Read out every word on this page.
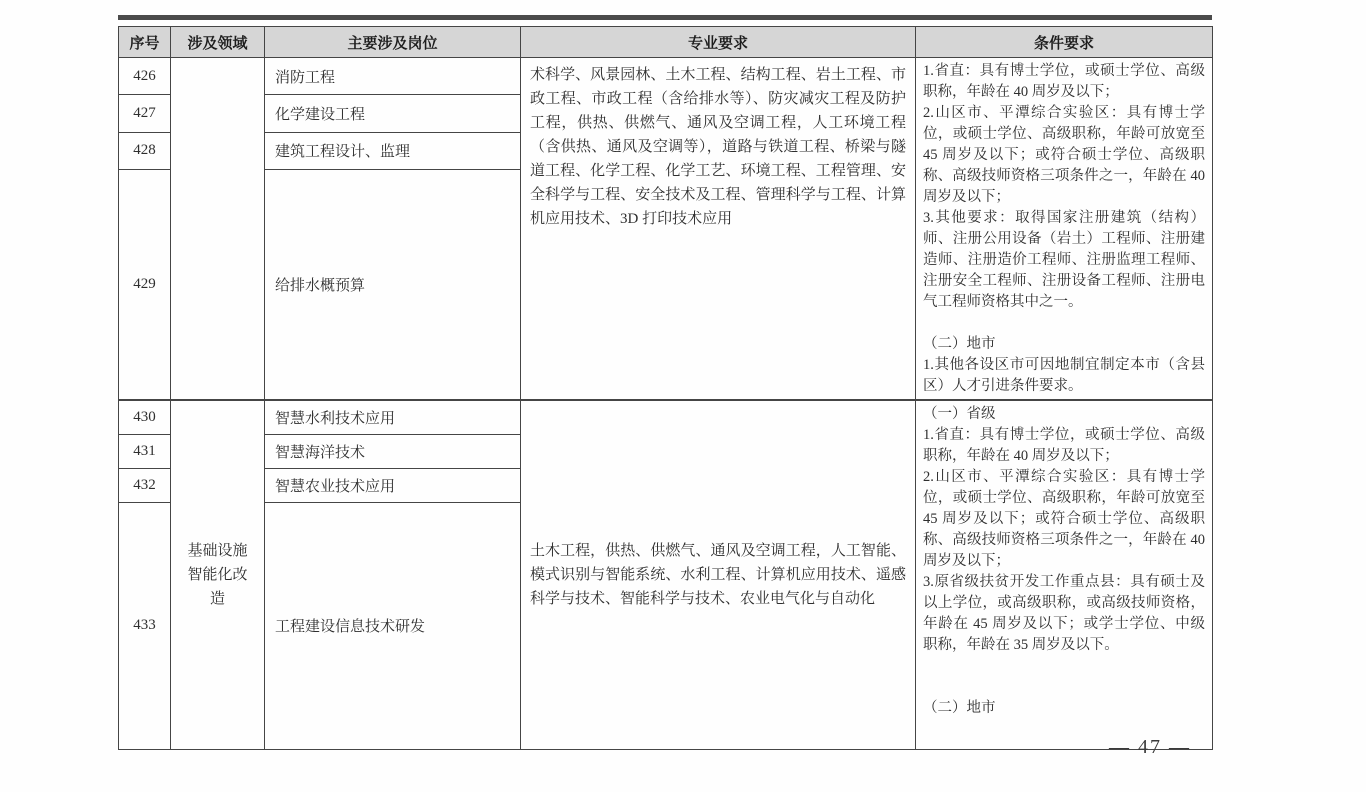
序号	涉及领域	主要涉及岗位	专业要求	条件要求
426		消防工程	术科学、风景园林、土木工程、结构工程、岩土工程、市政工程、市政工程（含给排水等）、防灾减灾工程及防护工程，供热、供燃气、通风及空调工程，人工环境工程（含供热、通风及空调等），道路与铁道工程、桥梁与隧道工程、化学工程、化学工艺、环境工程、工程管理、安全科学与工程、安全技术及工程、管理科学与工程、计算机应用技术、3D 打印技术应用	1.省直：具有博士学位，或硕士学位、高级职称，年龄在 40 周岁及以下；

2.山区市、平潭综合实验区：具有博士学位，或硕士学位、高级职称，年龄可放宽至 45 周岁及以下；或符合硕士学位、高级职称、高级技师资格三项条件之一，年龄在 40 周岁及以下；

3.其他要求：取得国家注册建筑（结构）师、注册公用设备（岩土）工程师、注册建造师、注册造价工程师、注册监理工程师、注册安全工程师、注册设备工程师、注册电气工程师资格其中之一。

（二）地市

1.其他各设区市可因地制宜制定本市（含县区）人才引进条件要求。

427		化学建设工程		
428		建筑工程设计、监理		
429		给排水概预算		
430	基础设施智能化改造	智慧水利技术应用	土木工程，供热、供燃气、通风及空调工程，人工智能、模式识别与智能系统、水利工程、计算机应用技术、遥感科学与技术、智能科学与技术、农业电气化与自动化	（一）省级

1.省直：具有博士学位，或硕士学位、高级职称，年龄在 40 周岁及以下；

2.山区市、平潭综合实验区：具有博士学位，或硕士学位、高级职称，年龄可放宽至 45 周岁及以下；或符合硕士学位、高级职称、高级技师资格三项条件之一，年龄在 40 周岁及以下；

3.原省级扶贫开发工作重点县：具有硕士及以上学位，或高级职称，或高级技师资格，年龄在 45 周岁及以下；或学士学位、中级职称，年龄在 35 周岁及以下。

（二）地市

431		智慧海洋技术		
432		智慧农业技术应用		
433		工程建设信息技术研发		
— 47 —
